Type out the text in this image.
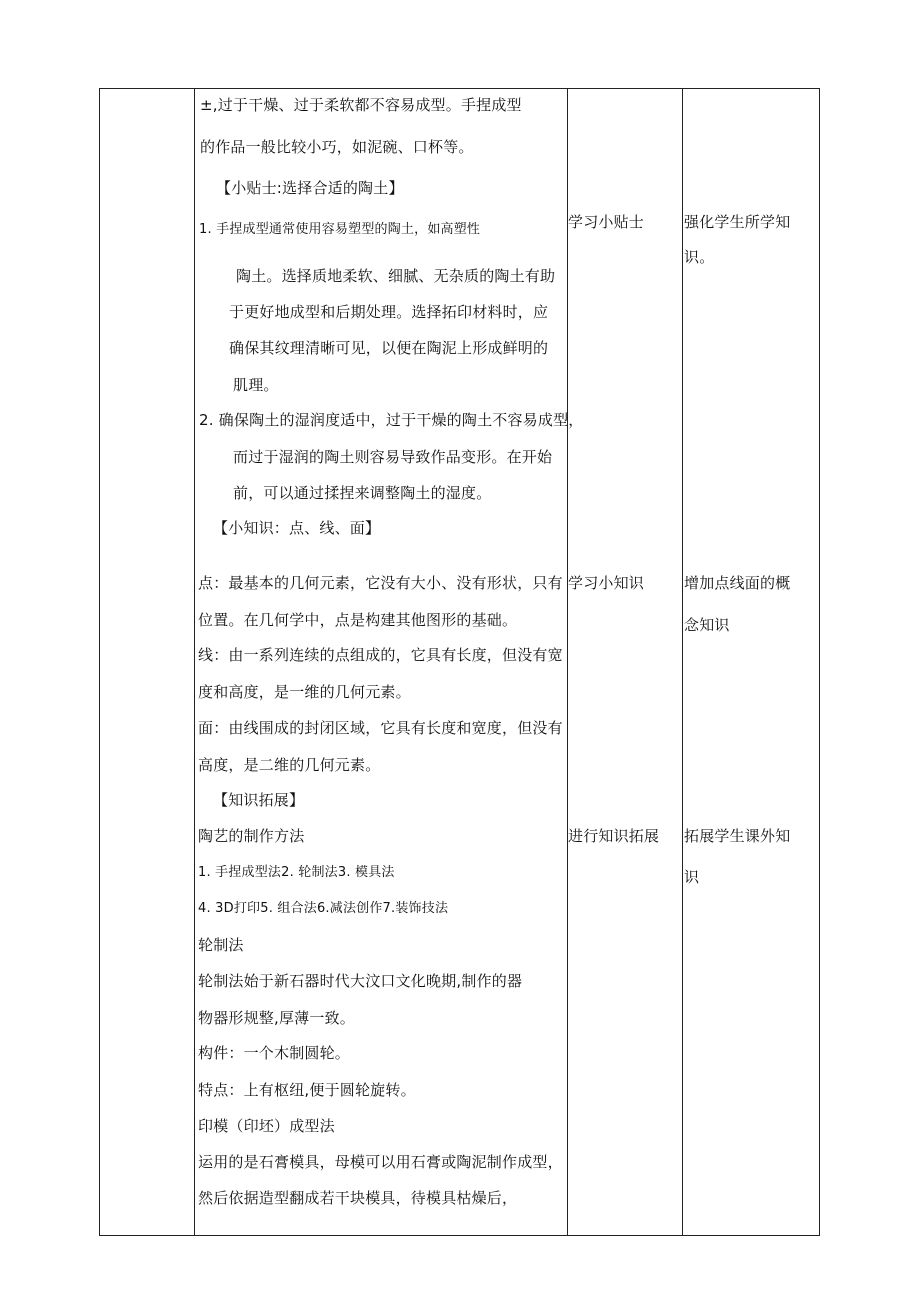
±,过于干燥、过于柔软都不容易成型。手捏成型
的作品一般比较小巧，如泥碗、口杯等。
【小贴士:选择合适的陶土】
1. 手捏成型通常使用容易塑型的陶土，如高塑性
陶土。选择质地柔软、细腻、无杂质的陶土有助
于更好地成型和后期处理。选择拓印材料时，应
确保其纹理清晰可见，以便在陶泥上形成鲜明的
肌理。
2. 确保陶土的湿润度适中，过于干燥的陶土不容易成型，
而过于湿润的陶土则容易导致作品变形。在开始
前，可以通过揉捏来调整陶土的湿度。
【小知识：点、线、面】
点：最基本的几何元素，它没有大小、没有形状，只有
位置。在几何学中，点是构建其他图形的基础。
线：由一系列连续的点组成的，它具有长度，但没有宽
度和高度，是一维的几何元素。
面：由线围成的封闭区域，它具有长度和宽度，但没有
高度，是二维的几何元素。
【知识拓展】
陶艺的制作方法
1. 手捏成型法2. 轮制法3. 模具法
4. 3D打印5. 组合法6.减法创作7.装饰技法
轮制法
轮制法始于新石器时代大汶口文化晚期,制作的器
物器形规整,厚薄一致。
构件：一个木制圆轮。
特点：上有枢纽,便于圆轮旋转。
印模（印坯）成型法
运用的是石膏模具，母模可以用石膏或陶泥制作成型，
然后依据造型翻成若干块模具，待模具枯燥后，
学习小贴士
学习小知识
进行知识拓展
强化学生所学知
识。
增加点线面的概
念知识
拓展学生课外知
识
